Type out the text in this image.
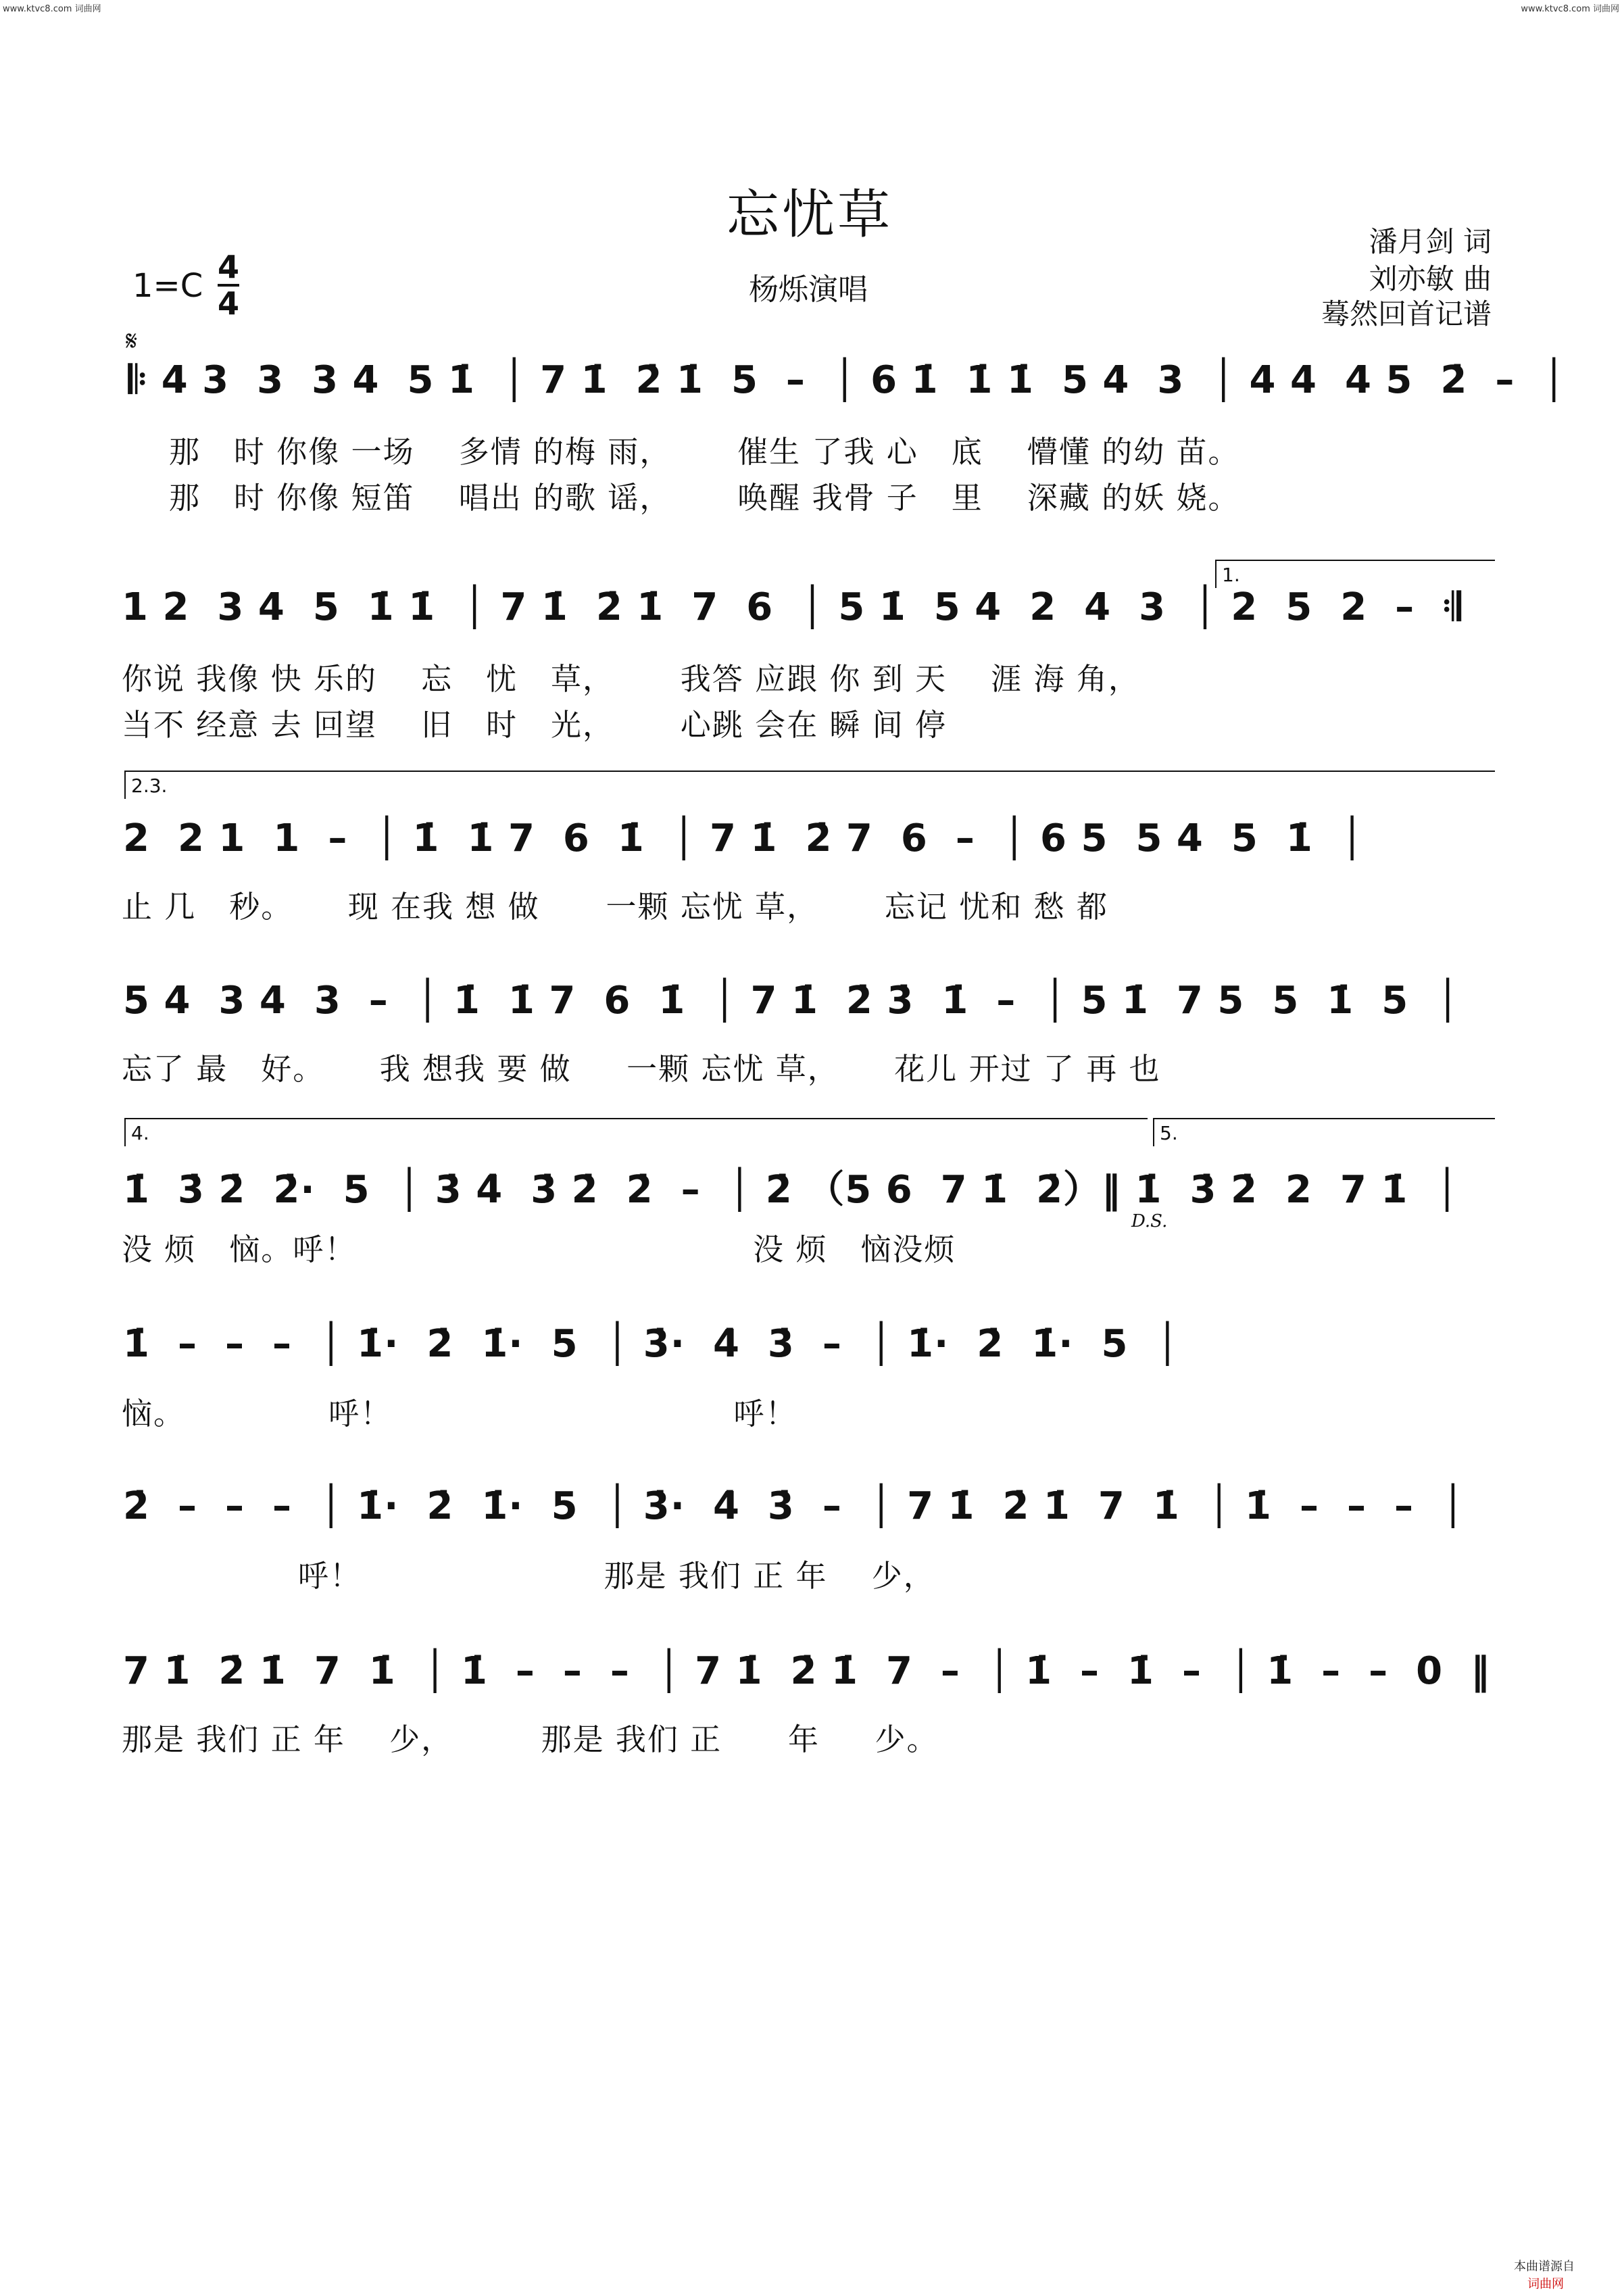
www.ktvc8.com 词曲网	www.ktvc8.com 词曲网
忘忧草
杨烁演唱
潘月剑 词
刘亦敏 曲
蓦然回首记谱
1=C 4
4
𝄋
𝄆 4 3  3  3 4  5 1̇  │ 7 1̇  2̇ 1̇  5  –  │ 6 1̇  1̇ 1̇  5 4  3  │ 4 4  4 5  2̇  –  │
那   时 你像 一场    多情 的梅 雨，      催生 了我 心   底    懵懂 的幼 苗。
那   时 你像 短笛    唱出 的歌 谣，      唤醒 我骨 子   里    深藏 的妖 娆。
1.
1 2  3 4  5  1̇ 1̇  │ 7 1̇  2̇ 1̇  7  6  │ 5 1̇  5 4  2  4  3  │ 2  5  2  –  𝄇
你说 我像 快 乐的    忘   忧   草，      我答 应跟 你 到 天    涯 海 角，
当不 经意 去 回望    旧   时   光，      心跳 会在 瞬 间 停
2.3.
2  2 1  1  –  │ 1̇  1̇ 7  6  1̇  │ 7 1̇  2̇ 7  6  –  │ 6 5  5 4  5  1̇  │
止 几   秒。     现 在我 想 做      一颗 忘忧 草，      忘记 忧和 愁 都
5 4  3 4  3  –  │ 1̇  1̇ 7  6  1̇  │ 7 1̇  2̇ 3̇  1̇  –  │ 5 1̇  7 5  5  1̇  5  │
忘了 最   好。     我 想我 要 做     一颗 忘忧 草，     花儿 开过 了 再 也
4.	5.
1̇  3̇ 2̇  2̇·  5  │ 3̇ 4̇  3̇ 2̇  2̇  –  │ 2̇ （5 6  7 1̇  2̇）‖ 1̇  3̇ 2̇  2  7 1̇  │
D.S.
没 烦   恼。呼！                                    没 烦   恼没烦
1̇  –  –  –  │ 1̇·  2̇  1̇·  5  │ 3̇·  4̇  3̇  –  │ 1̇·  2̇  1̇·  5  │
恼。             呼！                               呼！
2̇  –  –  –  │ 1̇·  2̇  1̇·  5  │ 3̇·  4̇  3̇  –  │ 7 1̇  2̇ 1̇  7  1̇  │ 1̇  –  –  –  │
呼！                      那是 我们 正 年    少，
7 1̇  2̇ 1̇  7  1̇  │ 1̇  –  –  –  │ 7 1̇  2̇ 1̇  7  –  │ 1̇  –  1̇  –  │ 1̇  –  –  0  ‖
那是 我们 正 年    少，        那是 我们 正      年     少。

本曲谱源自
词曲网
